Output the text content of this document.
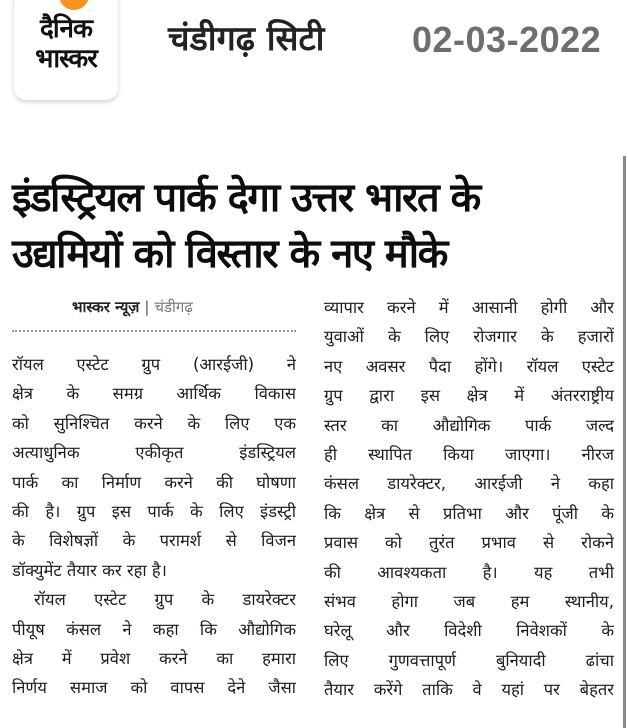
दैनिक
भास्कर	चंडीगढ़ सिटी 02-03-2022
इंडस्ट्रियल पार्क देगा उत्तर भारत के
उद्यमियों को विस्तार के नए मौके
भास्कर न्यूज़ | चंडीगढ़
रॉयल एस्टेट ग्रुप (आरईजी) ने
क्षेत्र के समग्र आर्थिक विकास
को सुनिश्चित करने के लिए एक
अत्याधुनिक एकीकृत इंडस्ट्रियल
पार्क का निर्माण करने की घोषणा
की है। ग्रुप इस पार्क के लिए इंडस्ट्री
के विशेषज्ञों के परामर्श से विजन
डॉक्युमेंट तैयार कर रहा है।
रॉयल एस्टेट ग्रुप के डायरेक्टर
पीयूष कंसल ने कहा कि औद्योगिक
क्षेत्र में प्रवेश करने का हमारा
निर्णय समाज को वापस देने जैसा
व्यापार करने में आसानी होगी और
युवाओं के लिए रोजगार के हजारों
नए अवसर पैदा होंगे। रॉयल एस्टेट
ग्रुप द्वारा इस क्षेत्र में अंतरराष्ट्रीय
स्तर का औद्योगिक पार्क जल्द
ही स्थापित किया जाएगा। नीरज
कंसल डायरेक्टर, आरईजी ने कहा
कि क्षेत्र से प्रतिभा और पूंजी के
प्रवास को तुरंत प्रभाव से रोकने
की आवश्यकता है। यह तभी
संभव होगा जब हम स्थानीय,
घरेलू और विदेशी निवेशकों के
लिए गुणवत्तापूर्ण बुनियादी ढांचा
तैयार करेंगे ताकि वे यहां पर बेहतर
